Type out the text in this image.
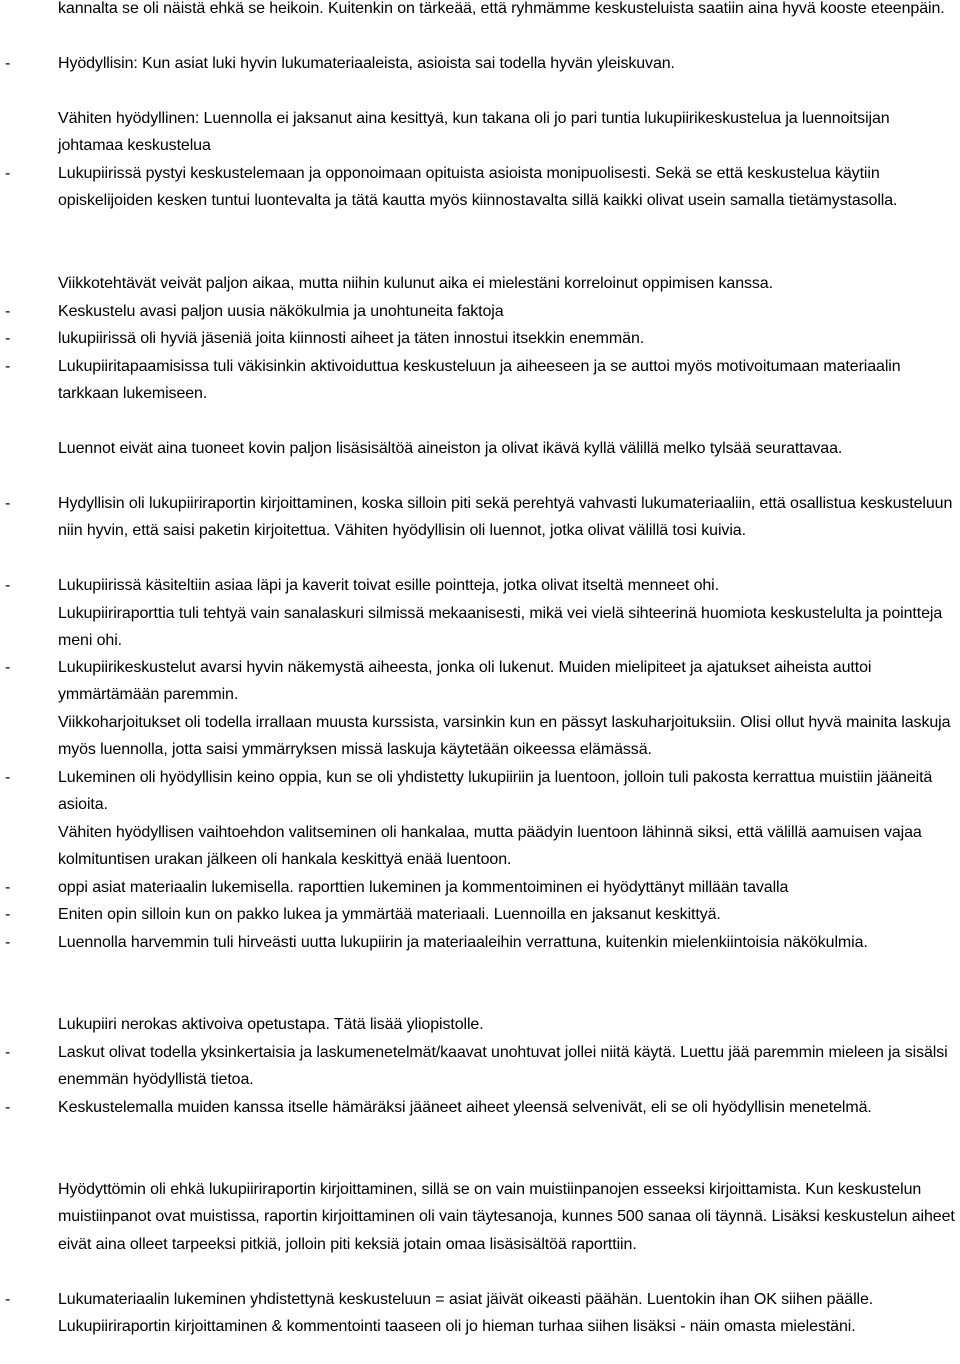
kannalta se oli näistä ehkä se heikoin. Kuitenkin on tärkeää, että ryhmämme keskusteluista saatiin aina hyvä kooste eteenpäin.
-	Hyödyllisin: Kun asiat luki hyvin lukumateriaaleista, asioista sai todella hyvän yleiskuvan.
Vähiten hyödyllinen: Luennolla ei jaksanut aina kesittyä, kun takana oli jo pari tuntia lukupiirikeskustelua ja luennoitsijan johtamaa keskustelua
-	Lukupiirissä pystyi keskustelemaan ja opponoimaan opituista asioista monipuolisesti. Sekä se että keskustelua käytiin opiskelijoiden kesken tuntui luontevalta ja tätä kautta myös kiinnostavalta sillä kaikki olivat usein samalla tietämystasolla.
Viikkotehtävät veivät paljon aikaa, mutta niihin kulunut aika ei mielestäni korreloinut oppimisen kanssa.
-	Keskustelu avasi paljon uusia näkökulmia ja unohtuneita faktoja
-	lukupiirissä oli hyviä jäseniä joita kiinnosti aiheet ja täten innostui itsekkin enemmän.
-	Lukupiiritapaamisissa tuli väkisinkin aktivoiduttua keskusteluun ja aiheeseen ja se auttoi myös motivoitumaan materiaalin tarkkaan lukemiseen.
Luennot eivät aina tuoneet kovin paljon lisäsisältöä aineiston ja olivat ikävä kyllä välillä melko tylsää seurattavaa.
-	Hydyllisin oli lukupiiriraportin kirjoittaminen, koska silloin piti sekä perehtyä vahvasti lukumateriaaliin, että osallistua keskusteluun niin hyvin, että saisi paketin kirjoitettua. Vähiten hyödyllisin oli luennot, jotka olivat välillä tosi kuivia.
-	Lukupiirissä käsiteltiin asiaa läpi ja kaverit toivat esille pointteja, jotka olivat itseltä menneet ohi.
Lukupiiriraporttia tuli tehtyä vain sanalaskuri silmissä mekaanisesti, mikä vei vielä sihteerinä huomiota keskustelulta ja pointteja meni ohi.
-	Lukupiirikeskustelut avarsi hyvin näkemystä aiheesta, jonka oli lukenut. Muiden mielipiteet ja ajatukset aiheista auttoi ymmärtämään paremmin.
Viikkoharjoitukset oli todella irrallaan muusta kurssista, varsinkin kun en pässyt laskuharjoituksiin. Olisi ollut hyvä mainita laskuja myös luennolla, jotta saisi ymmärryksen missä laskuja käytetään oikeessa elämässä.
-	Lukeminen oli hyödyllisin keino oppia, kun se oli yhdistetty lukupiiriin ja luentoon, jolloin tuli pakosta kerrattua muistiin jääneitä asioita.
Vähiten hyödyllisen vaihtoehdon valitseminen oli hankalaa, mutta päädyin luentoon lähinnä siksi, että välillä aamuisen vajaa kolmituntisen urakan jälkeen oli hankala keskittyä enää luentoon.
-	oppi asiat materiaalin lukemisella. raporttien lukeminen ja kommentoiminen ei hyödyttänyt millään tavalla
-	Eniten opin silloin kun on pakko lukea ja ymmärtää materiaali. Luennoilla en jaksanut keskittyä.
-	Luennolla harvemmin tuli hirveästi uutta lukupiirin ja materiaaleihin verrattuna, kuitenkin mielenkiintoisia näkökulmia.
Lukupiiri nerokas aktivoiva opetustapa. Tätä lisää yliopistolle.
-	Laskut olivat todella yksinkertaisia ja laskumenetelmät/kaavat unohtuvat jollei niitä käytä. Luettu jää paremmin mieleen ja sisälsi enemmän hyödyllistä tietoa.
-	Keskustelemalla muiden kanssa itselle hämäräksi jääneet aiheet yleensä selvenivät, eli se oli hyödyllisin menetelmä.
Hyödyttömin oli ehkä lukupiiriraportin kirjoittaminen, sillä se on vain muistiinpanojen esseeksi kirjoittamista. Kun keskustelun muistiinpanot ovat muistissa, raportin kirjoittaminen oli vain täytesanoja, kunnes 500 sanaa oli täynnä. Lisäksi keskustelun aiheet eivät aina olleet tarpeeksi pitkiä, jolloin piti keksiä jotain omaa lisäsisältöä raporttiin.
-	Lukumateriaalin lukeminen yhdistettynä keskusteluun = asiat jäivät oikeasti päähän. Luentokin ihan OK siihen päälle. Lukupiiriraportin kirjoittaminen & kommentointi taaseen oli jo hieman turhaa siihen lisäksi - näin omasta mielestäni.
